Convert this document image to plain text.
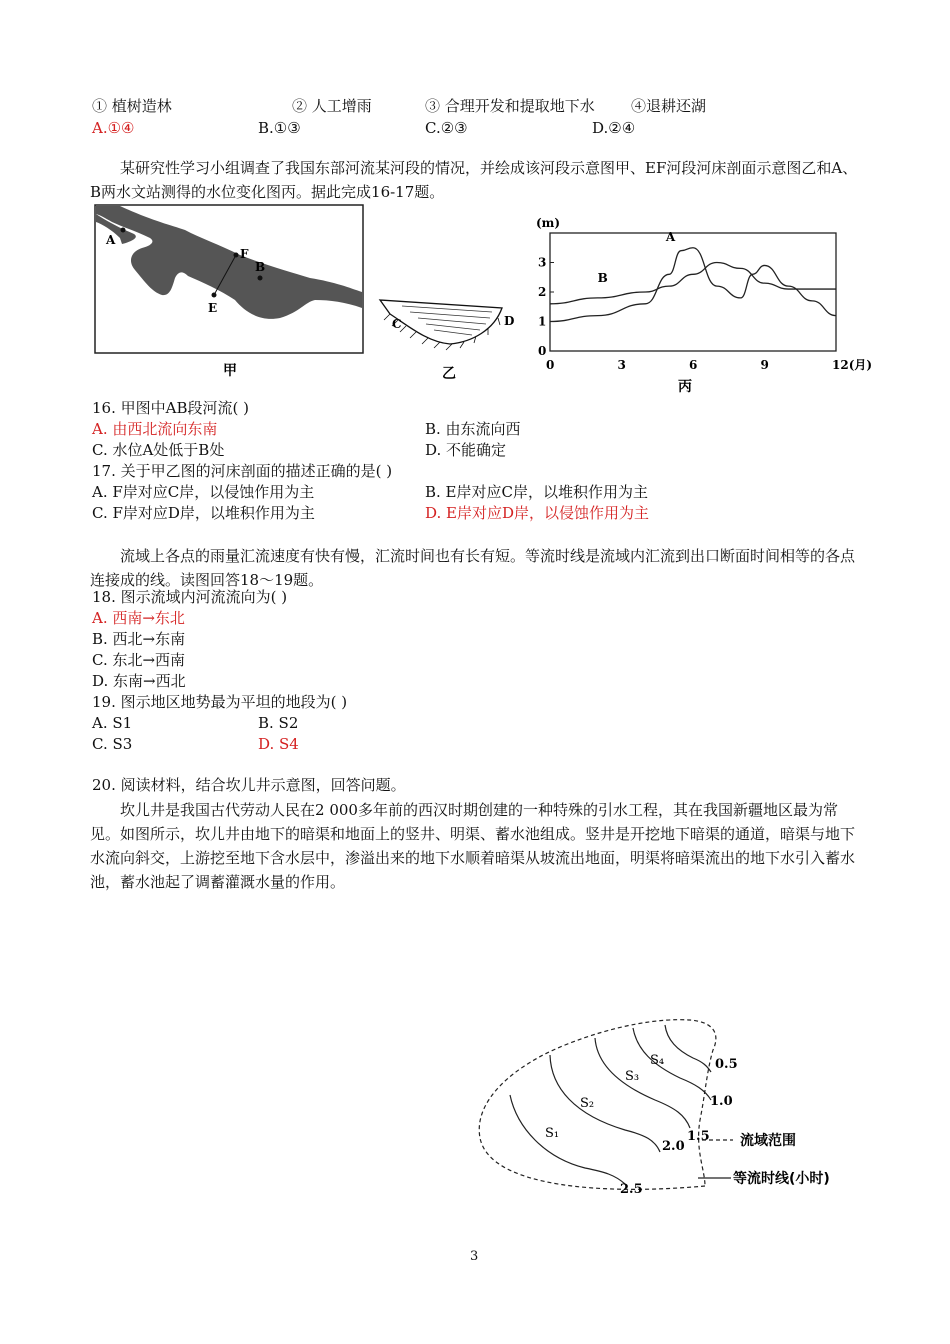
① 植树造林	② 人工增雨	③ 合理开发和提取地下水 ④退耕还湖
A.①④	B.①③	C.②③	D.②④
某研究性学习小组调查了我国东部河流某河段的情况，并绘成该河段示意图甲、EF河段河床剖面示意图乙和A、B两水文站测得的水位变化图丙。据此完成16-17题。
A
F
E
B
甲
C	D
乙
(m)
0
1
2
3
0	3	6	9	12(月)
A
B
丙
16. 甲图中AB段河流( )
A. 由西北流向东南	B. 由东流向西
C. 水位A处低于B处	D. 不能确定
17. 关于甲乙图的河床剖面的描述正确的是( )
A. F岸对应C岸，以侵蚀作用为主	B. E岸对应C岸，以堆积作用为主
C. F岸对应D岸，以堆积作用为主	D. E岸对应D岸，以侵蚀作用为主
流域上各点的雨量汇流速度有快有慢，汇流时间也有长有短。等流时线是流域内汇流到出口断面时间相等的各点连接成的线。读图回答18～19题。
18. 图示流域内河流流向为( )
A. 西南→东北
B. 西北→东南
C. 东北→西南
D. 东南→西北
19. 图示地区地势最为平坦的地段为( )
A. S1	B. S2
C. S3	D. S4
20. 阅读材料，结合坎儿井示意图，回答问题。
坎儿井是我国古代劳动人民在2 000多年前的西汉时期创建的一种特殊的引水工程，其在我国新疆地区最为常见。如图所示，坎儿井由地下的暗渠和地面上的竖井、明渠、蓄水池组成。竖井是开挖地下暗渠的通道，暗渠与地下水流向斜交，上游挖至地下含水层中，渗溢出来的地下水顺着暗渠从坡流出地面，明渠将暗渠流出的地下水引入蓄水池，蓄水池起了调蓄灌溉水量的作用。
S₄
S₃
S₂
S₁
0.5
1.0
1.5
2.0
2.5
流域范围
等流时线(小时)
3
